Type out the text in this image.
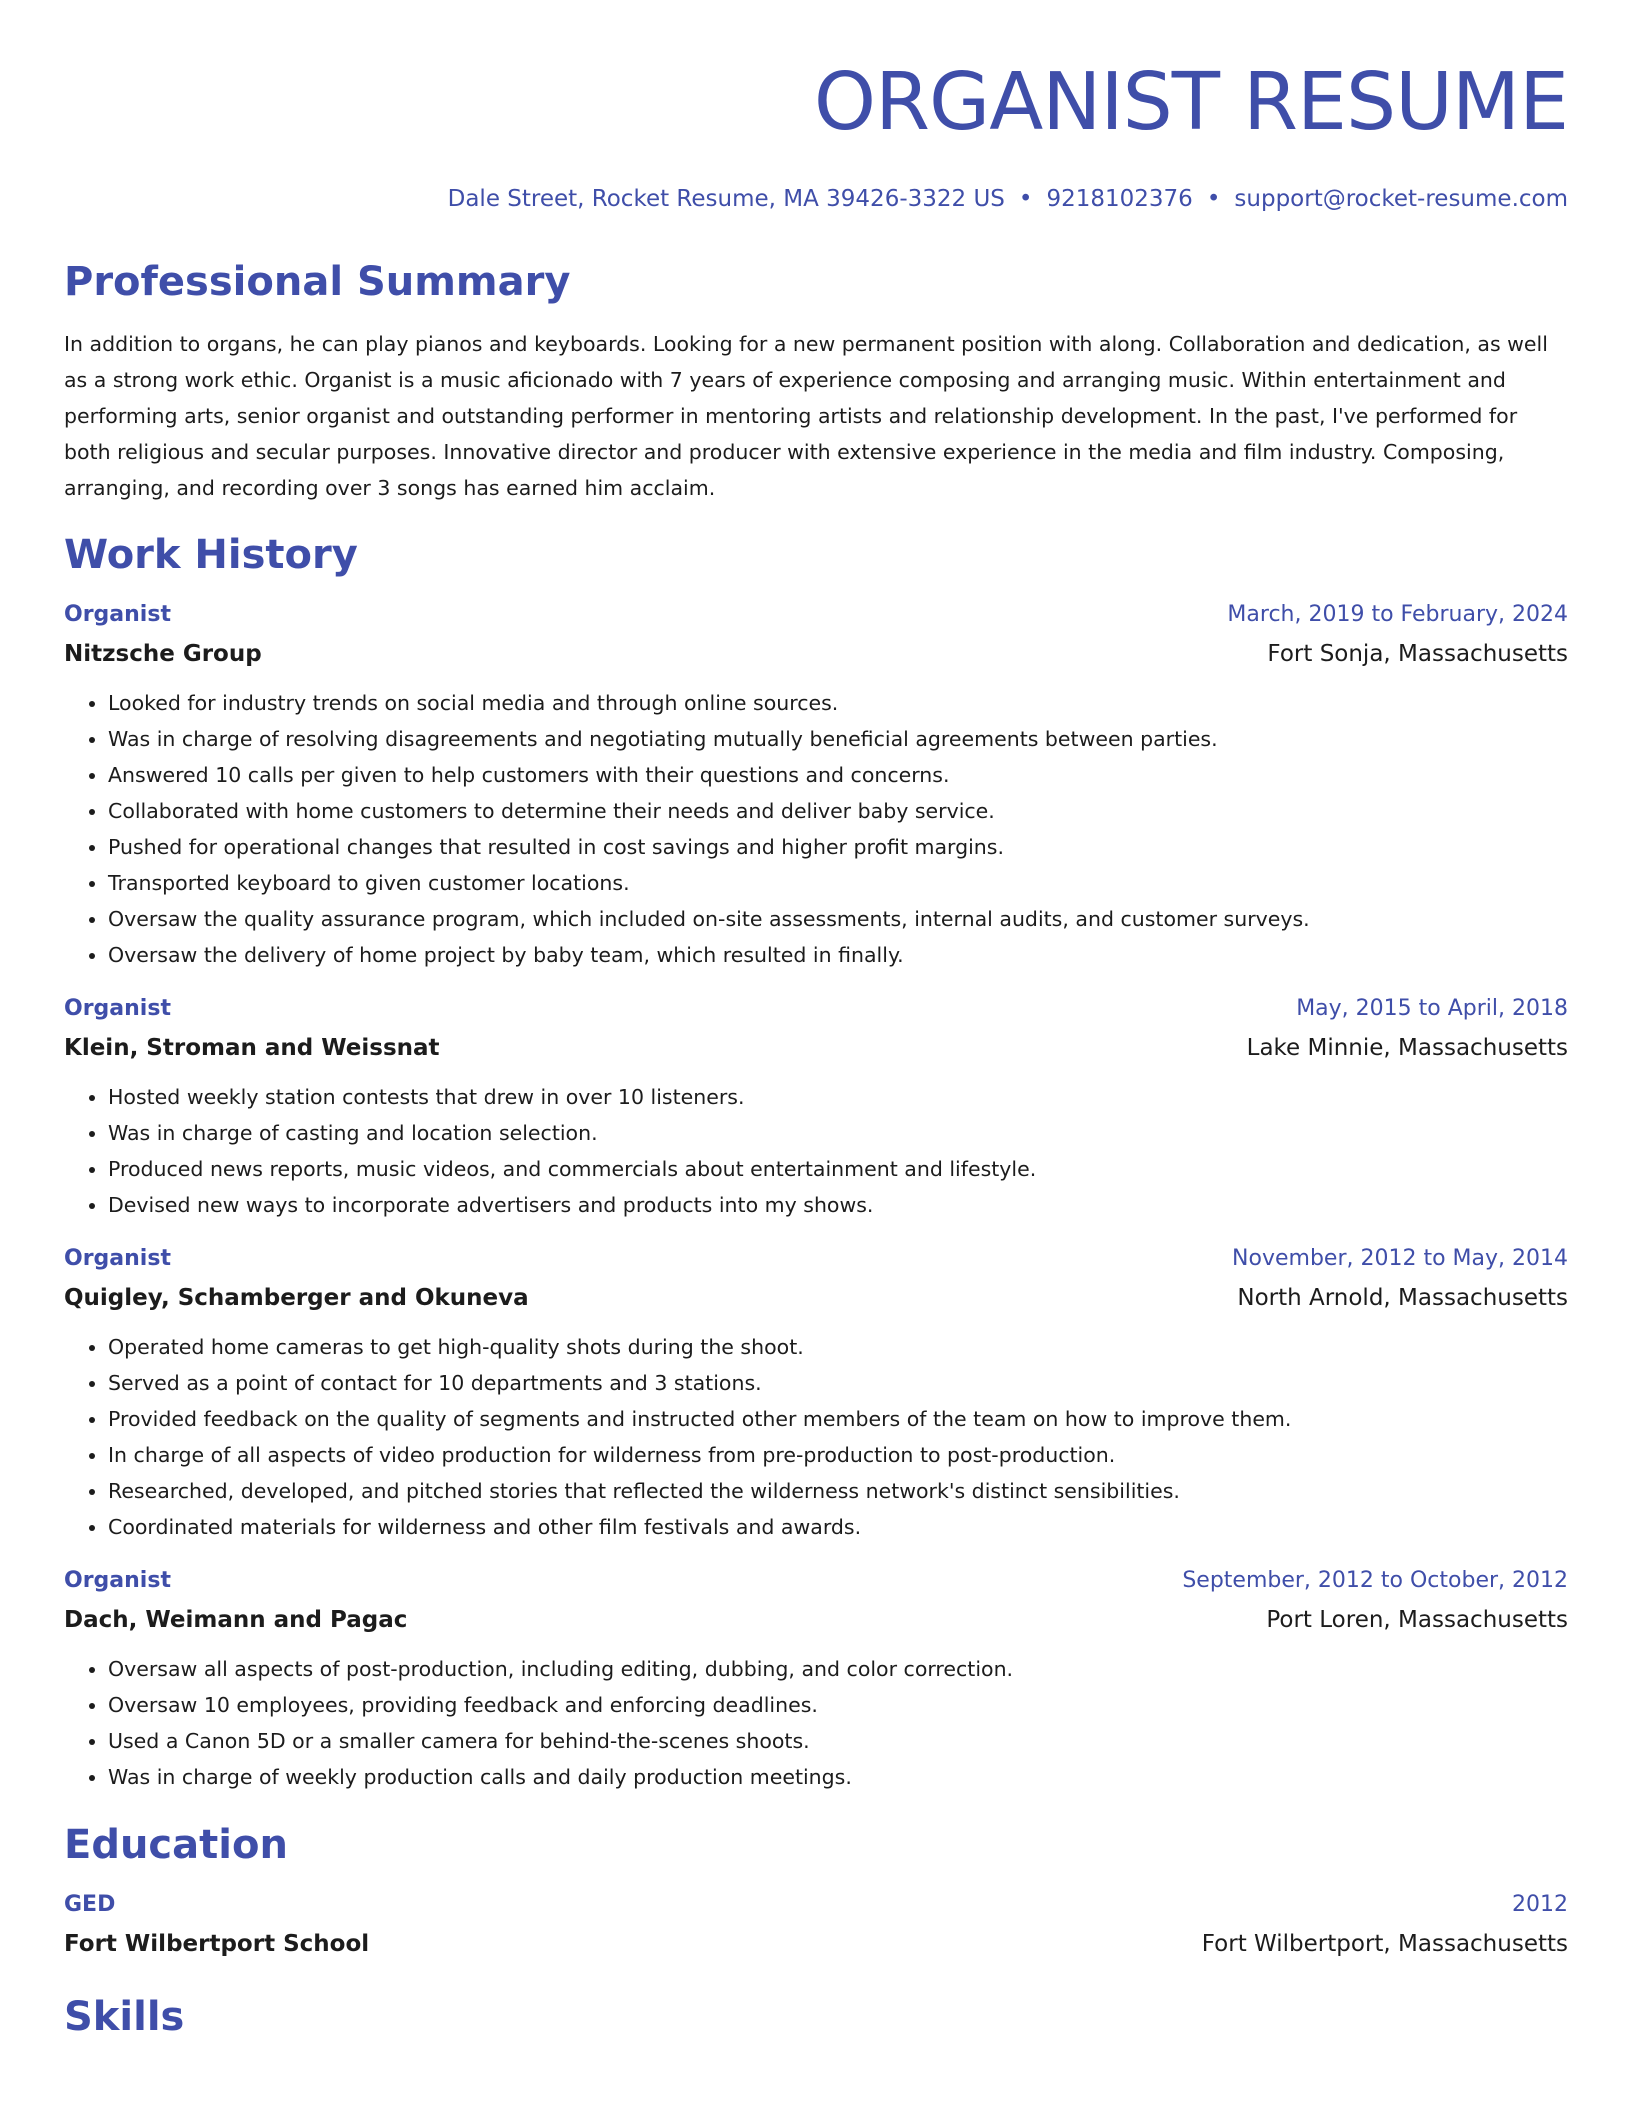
ORGANIST RESUME
Dale Street, Rocket Resume, MA 39426-3322 US • 9218102376 • support@rocket-resume.com
Professional Summary
In addition to organs, he can play pianos and keyboards. Looking for a new permanent position with along. Collaboration and dedication, as well as a strong work ethic. Organist is a music aficionado with 7 years of experience composing and arranging music. Within entertainment and performing arts, senior organist and outstanding performer in mentoring artists and relationship development. In the past, I've performed for both religious and secular purposes. Innovative director and producer with extensive experience in the media and film industry. Composing, arranging, and recording over 3 songs has earned him acclaim.
Work History
Organist	March, 2019 to February, 2024
Nitzsche Group	Fort Sonja, Massachusetts
• Looked for industry trends on social media and through online sources.
• Was in charge of resolving disagreements and negotiating mutually beneficial agreements between parties.
• Answered 10 calls per given to help customers with their questions and concerns.
• Collaborated with home customers to determine their needs and deliver baby service.
• Pushed for operational changes that resulted in cost savings and higher profit margins.
• Transported keyboard to given customer locations.
• Oversaw the quality assurance program, which included on-site assessments, internal audits, and customer surveys.
• Oversaw the delivery of home project by baby team, which resulted in finally.
Organist	May, 2015 to April, 2018
Klein, Stroman and Weissnat	Lake Minnie, Massachusetts
• Hosted weekly station contests that drew in over 10 listeners.
• Was in charge of casting and location selection.
• Produced news reports, music videos, and commercials about entertainment and lifestyle.
• Devised new ways to incorporate advertisers and products into my shows.
Organist	November, 2012 to May, 2014
Quigley, Schamberger and Okuneva	North Arnold, Massachusetts
• Operated home cameras to get high-quality shots during the shoot.
• Served as a point of contact for 10 departments and 3 stations.
• Provided feedback on the quality of segments and instructed other members of the team on how to improve them.
• In charge of all aspects of video production for wilderness from pre-production to post-production.
• Researched, developed, and pitched stories that reflected the wilderness network's distinct sensibilities.
• Coordinated materials for wilderness and other film festivals and awards.
Organist	September, 2012 to October, 2012
Dach, Weimann and Pagac	Port Loren, Massachusetts
• Oversaw all aspects of post-production, including editing, dubbing, and color correction.
• Oversaw 10 employees, providing feedback and enforcing deadlines.
• Used a Canon 5D or a smaller camera for behind-the-scenes shoots.
• Was in charge of weekly production calls and daily production meetings.
Education
GED	2012
Fort Wilbertport School	Fort Wilbertport, Massachusetts
Skills
